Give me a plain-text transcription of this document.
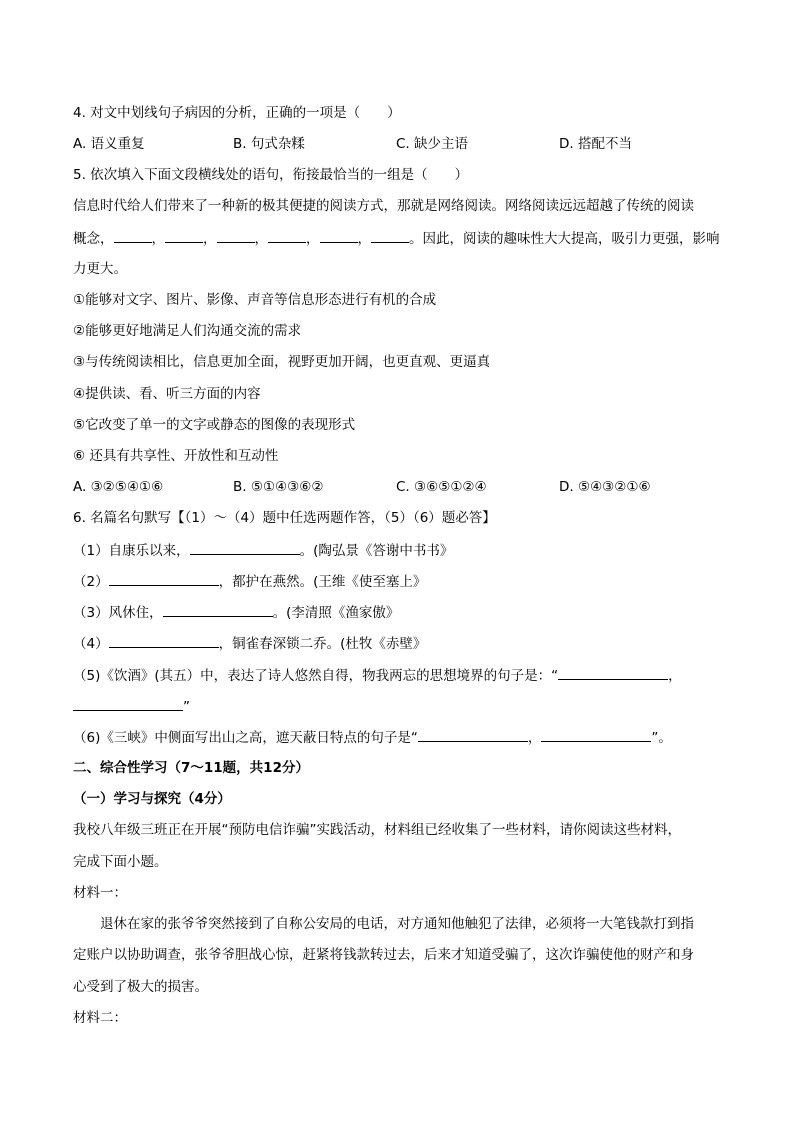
4. 对文中划线句子病因的分析，正确的一项是（　　）
A. 语义重复	B. 句式杂糅	C. 缺少主语	D. 搭配不当
5. 依次填入下面文段横线处的语句，衔接最恰当的一组是（　　）
信息时代给人们带来了一种新的极其便捷的阅读方式，那就是网络阅读。网络阅读远远超越了传统的阅读
概念，	，	，	，	，	，	。因此，阅读的趣味性大大提高，吸引力更强，影响
力更大。
①能够对文字、图片、影像、声音等信息形态进行有机的合成
②能够更好地满足人们沟通交流的需求
③与传统阅读相比，信息更加全面，视野更加开阔，也更直观、更逼真
④提供读、看、听三方面的内容
⑤它改变了单一的文字或静态的图像的表现形式
⑥ 还具有共享性、开放性和互动性
A. ③②⑤④①⑥	B. ⑤①④③⑥②	C. ③⑥⑤①②④	D. ⑤④③②①⑥
6. 名篇名句默写【（1）～（4）题中任选两题作答，（5）（6）题必答】
（1）自康乐以来，	。(陶弘景《答谢中书书》
（2）	，都护在燕然。(王维《使至塞上》
（3）风休住，	。(李清照《渔家傲》
（4）	，铜雀春深锁二乔。(杜牧《赤壁》
（5)《饮酒》(其五）中，表达了诗人悠然自得，物我两忘的思想境界的句子是：“	，
”
（6)《三峡》中侧面写出山之高，遮天蔽日特点的句子是“	，	”。
二、综合性学习（7～11题，共12分）
（一）学习与探究（4分）
我校八年级三班正在开展“预防电信诈骗”实践活动，材料组已经收集了一些材料，请你阅读这些材料，
完成下面小题。
材料一：
退休在家的张爷爷突然接到了自称公安局的电话，对方通知他触犯了法律，必须将一大笔钱款打到指
定账户以协助调查，张爷爷胆战心惊，赶紧将钱款转过去，后来才知道受骗了，这次诈骗使他的财产和身
心受到了极大的损害。
材料二：
